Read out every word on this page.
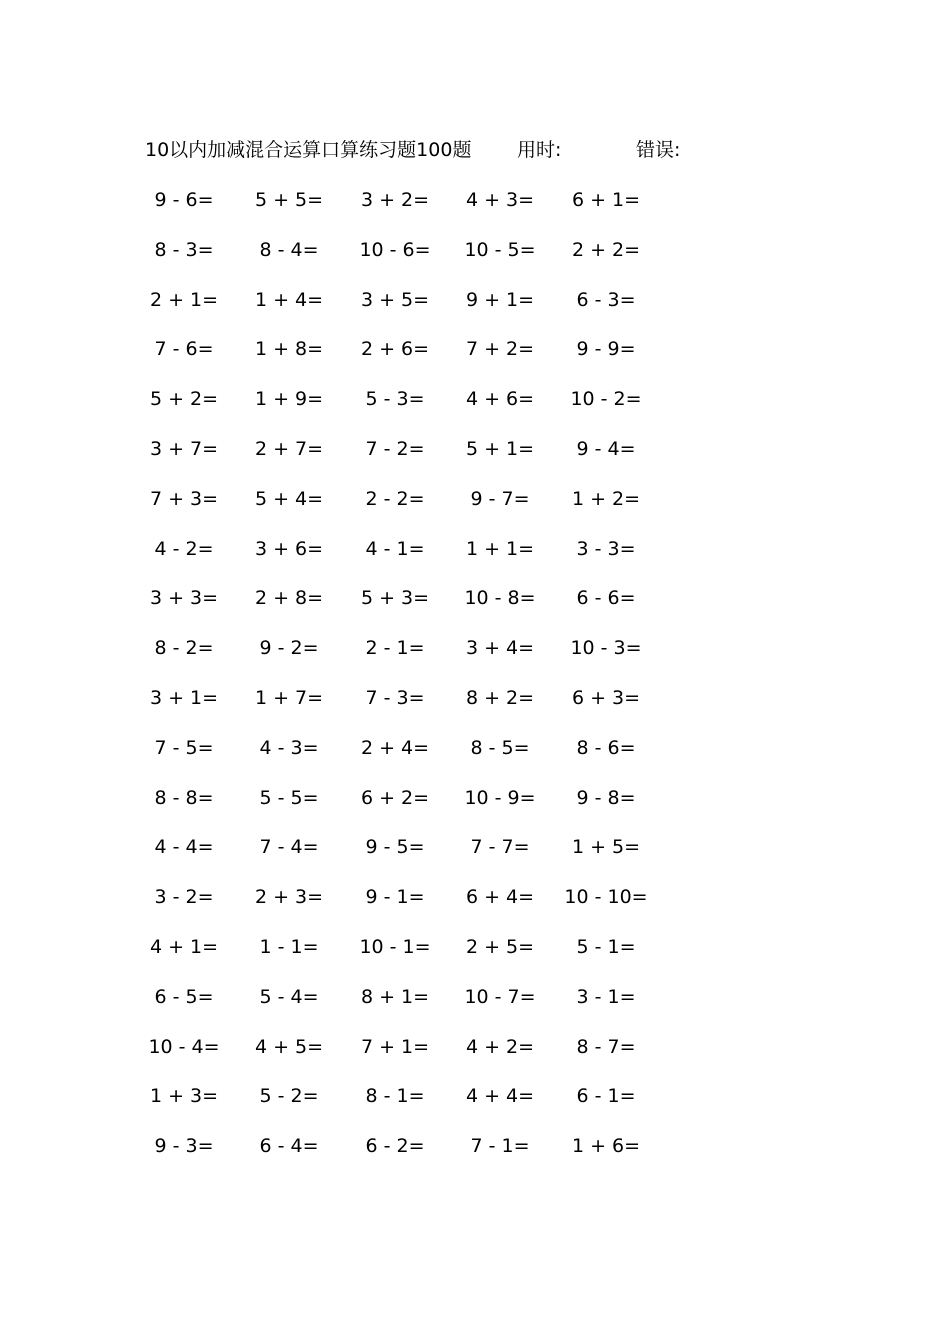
10以内加减混合运算口算练习题100题 用时:	错误:
9 - 6= 5 + 5= 3 + 2= 4 + 3= 6 + 1=
8 - 3= 8 - 4= 10 - 6= 10 - 5= 2 + 2=
2 + 1= 1 + 4= 3 + 5= 9 + 1= 6 - 3=
7 - 6= 1 + 8= 2 + 6= 7 + 2= 9 - 9=
5 + 2= 1 + 9= 5 - 3= 4 + 6= 10 - 2=
3 + 7= 2 + 7= 7 - 2= 5 + 1= 9 - 4=
7 + 3= 5 + 4= 2 - 2= 9 - 7= 1 + 2=
4 - 2= 3 + 6= 4 - 1= 1 + 1= 3 - 3=
3 + 3= 2 + 8= 5 + 3= 10 - 8= 6 - 6=
8 - 2= 9 - 2= 2 - 1= 3 + 4= 10 - 3=
3 + 1= 1 + 7= 7 - 3= 8 + 2= 6 + 3=
7 - 5= 4 - 3= 2 + 4= 8 - 5= 8 - 6=
8 - 8= 5 - 5= 6 + 2= 10 - 9= 9 - 8=
4 - 4= 7 - 4= 9 - 5= 7 - 7= 1 + 5=
3 - 2= 2 + 3= 9 - 1= 6 + 4= 10 - 10=
4 + 1= 1 - 1= 10 - 1= 2 + 5= 5 - 1=
6 - 5= 5 - 4= 8 + 1= 10 - 7= 3 - 1=
10 - 4= 4 + 5= 7 + 1= 4 + 2= 8 - 7=
1 + 3= 5 - 2= 8 - 1= 4 + 4= 6 - 1=
9 - 3= 6 - 4= 6 - 2= 7 - 1= 1 + 6=
